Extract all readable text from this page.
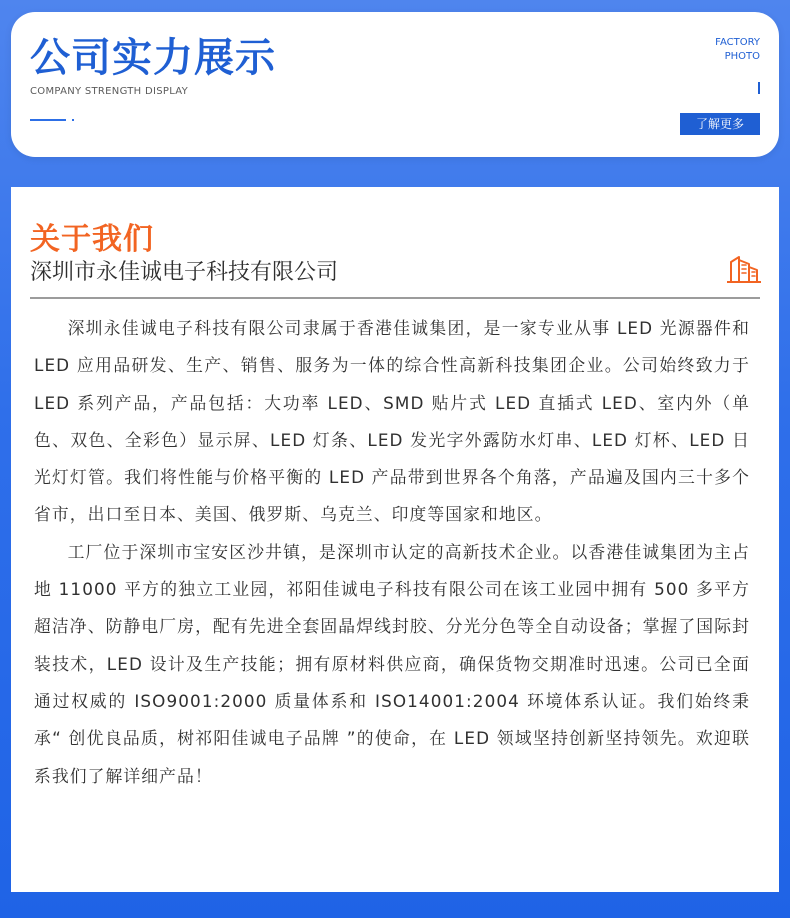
公司实力展示
COMPANY STRENGTH DISPLAY
FACTORY
PHOTO
了解更多
关于我们
深圳市永佳诚电子科技有限公司

深圳永佳诚电子科技有限公司隶属于香港佳诚集团，是一家专业从事 LED 光源器件和 LED 应用品研发、生产、销售、服务为一体的综合性高新科技集团企业。公司始终致力于 LED 系列产品，产品包括：大功率 LED、SMD 贴片式 LED 直插式 LED、室内外（单色、双色、全彩色）显示屏、LED 灯条、LED 发光字外露防水灯串、LED 灯杯、LED 日光灯灯管。我们将性能与价格平衡的 LED 产品带到世界各个角落，产品遍及国内三十多个省市，出口至日本、美国、俄罗斯、乌克兰、印度等国家和地区。

工厂位于深圳市宝安区沙井镇，是深圳市认定的高新技术企业。以香港佳诚集团为主占地 11000 平方的独立工业园，祁阳佳诚电子科技有限公司在该工业园中拥有 500 多平方超洁净、防静电厂房，配有先进全套固晶焊线封胶、分光分色等全自动设备；掌握了国际封装技术，LED 设计及生产技能；拥有原材料供应商，确保货物交期准时迅速。公司已全面通过权威的 ISO9001:2000 质量体系和 ISO14001:2004 环境体系认证。我们始终秉承“ 创优良品质，树祁阳佳诚电子品牌 ”的使命，在 LED 领域坚持创新坚持领先。欢迎联系我们了解详细产品！
